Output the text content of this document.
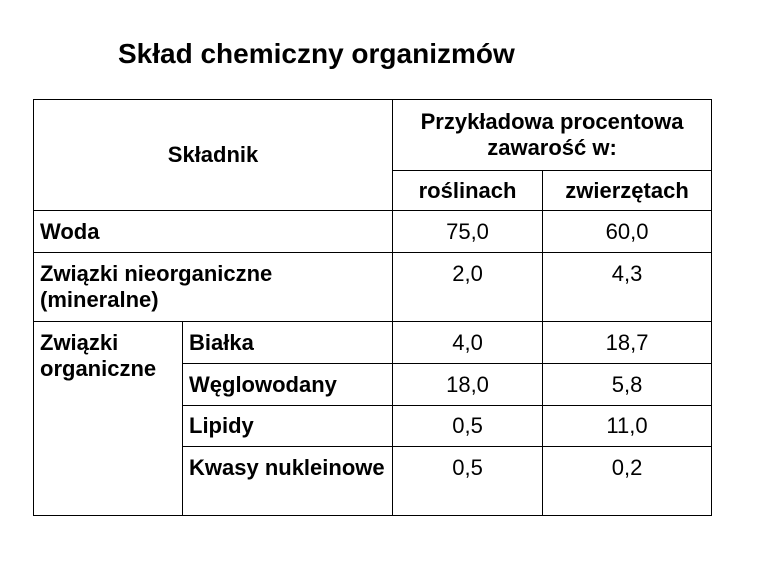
Skład chemiczny organizmów
Składnik		Przykładowa procentowa zawarość w:	
		roślinach	zwierzętach
Woda		75,0	60,0
Związki nieorganiczne (mineralne)		2,0	4,3
Związki organiczne	Białka	4,0	18,7
	Węglowodany	18,0	5,8
	Lipidy	0,5	11,0
	Kwasy nukleinowe	0,5	0,2
